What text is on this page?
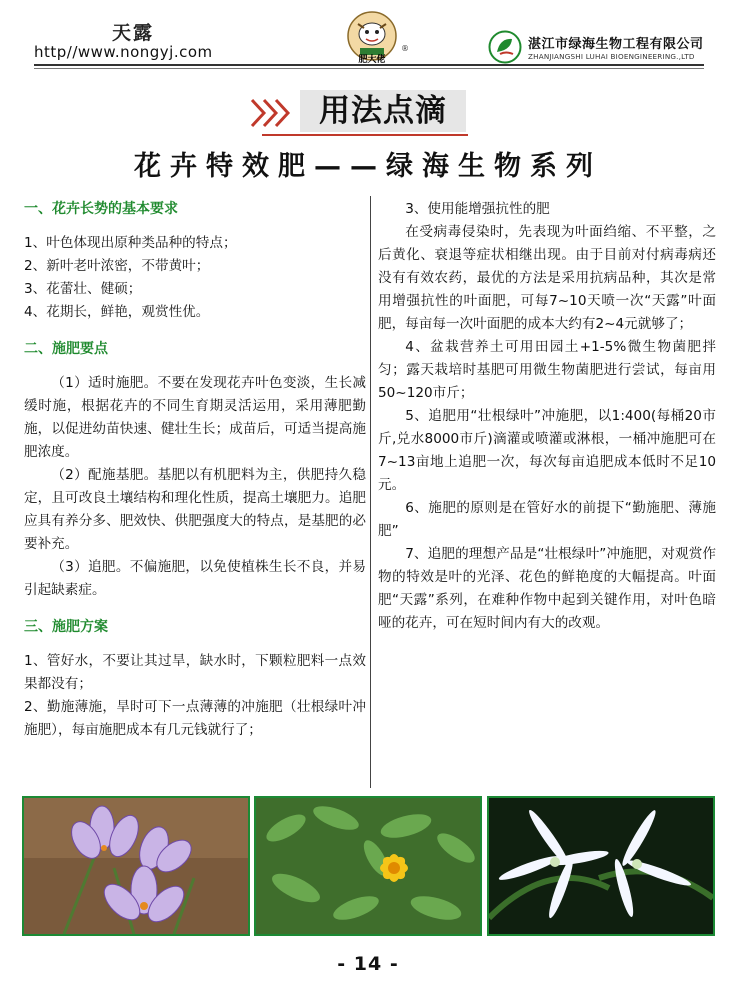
天露
http//www.nongyj.com	肥大佬
®	湛江市绿海生物工程有限公司
ZHANJIANGSHI LUHAI BIOENGINEERING.,LTD
用法点滴
花卉特效肥——绿海生物系列

一、花卉长势的基本要求

1、叶色体现出原种类品种的特点；

2、新叶老叶浓密，不带黄叶；

3、花蕾壮、健硕；

4、花期长，鲜艳，观赏性优。

二、施肥要点

（1）适时施肥。不要在发现花卉叶色变淡，生长减缓时施，根据花卉的不同生育期灵活运用，采用薄肥勤施，以促进幼苗快速、健壮生长；成苗后，可适当提高施肥浓度。

（2）配施基肥。基肥以有机肥料为主，供肥持久稳定，且可改良土壤结构和理化性质，提高土壤肥力。追肥应具有养分多、肥效快、供肥强度大的特点，是基肥的必要补充。

（3）追肥。不偏施肥，以免使植株生长不良，并易引起缺素症。

三、施肥方案

1、管好水，不要让其过旱，缺水时，下颗粒肥料一点效果都没有；

2、勤施薄施，旱时可下一点薄薄的冲施肥（壮根绿叶冲施肥），每亩施肥成本有几元钱就行了；

3、使用能增强抗性的肥

在受病毒侵染时，先表现为叶面绉缩、不平整，之后黄化、衰退等症状相继出现。由于目前对付病毒病还没有有效农药，最优的方法是采用抗病品种，其次是常用增强抗性的叶面肥，可每7~10天喷一次“天露”叶面肥，每亩每一次叶面肥的成本大约有2~4元就够了；

4、盆栽营养土可用田园土+1-5%微生物菌肥拌匀；露天栽培时基肥可用微生物菌肥进行尝试，每亩用50~120市斤；

5、追肥用“壮根绿叶”冲施肥，以1:400(每桶20市斤,兑水8000市斤)滴灌或喷灌或淋根，一桶冲施肥可在7~13亩地上追肥一次，每次每亩追肥成本低时不足10元。

6、施肥的原则是在管好水的前提下“勤施肥、薄施肥”

7、追肥的理想产品是“壮根绿叶”冲施肥，对观赏作物的特效是叶的光泽、花色的鲜艳度的大幅提高。叶面肥“天露”系列，在难种作物中起到关键作用，对叶色暗哑的花卉，可在短时间内有大的改观。

- 14 -
